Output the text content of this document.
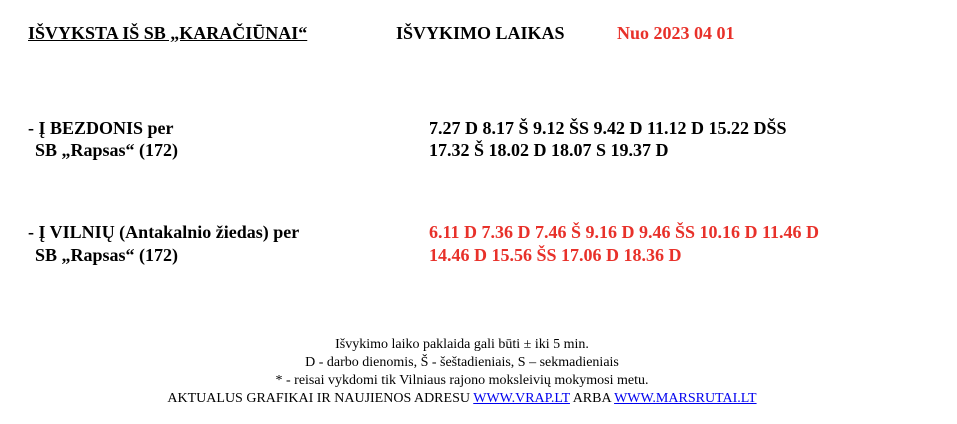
IŠVYKSTA IŠ SB „KARAČIŪNAI“	IŠVYKIMO LAIKAS	Nuo 2023 04 01
- Į BEZDONIS per
SB „Rapsas“ (172)
7.27 D 8.17 Š 9.12 ŠS 9.42 D 11.12 D 15.22 DŠS
17.32 Š 18.02 D 18.07 S 19.37 D
- Į VILNIŲ (Antakalnio žiedas) per
SB „Rapsas“ (172)
6.11 D 7.36 D 7.46 Š 9.16 D 9.46 ŠS 10.16 D 11.46 D
14.46 D 15.56 ŠS 17.06 D 18.36 D
Išvykimo laiko paklaida gali būti ± iki 5 min.
D - darbo dienomis, Š - šeštadieniais, S – sekmadieniais
* - reisai vykdomi tik Vilniaus rajono moksleivių mokymosi metu.
AKTUALUS GRAFIKAI IR NAUJIENOS ADRESU WWW.VRAP.LT ARBA WWW.MARSRUTAI.LT
